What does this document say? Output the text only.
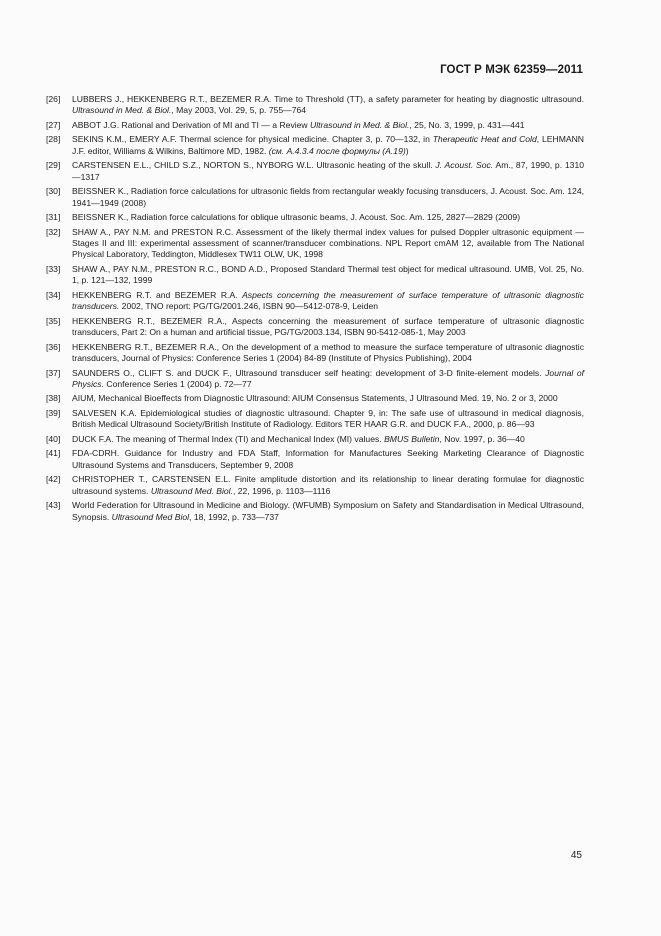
ГОСТ Р МЭК 62359—2011
[26]	LUBBERS J., HEKKENBERG R.T., BEZEMER R.A. Time to Threshold (TT), a safety parameter for heating by diagnostic ultrasound. Ultrasound in Med. & Biol., May 2003, Vol. 29, 5, p. 755—764
[27]	ABBOT J.G. Rational and Derivation of MI and TI — a Review Ultrasound in Med. & Biol., 25, No. 3, 1999, p. 431—441
[28]	SEKINS K.M., EMERY A.F. Thermal science for physical medicine. Chapter 3, p. 70—132, in Therapeutic Heat and Cold, LEHMANN J.F. editor, Williams & Wilkins, Baltimore MD, 1982. (см. A.4.3.4 после формулы (A.19))
[29]	CARSTENSEN E.L., CHILD S.Z., NORTON S., NYBORG W.L. Ultrasonic heating of the skull. J. Acoust. Soc. Am., 87, 1990, p. 1310—1317
[30]	BEISSNER K., Radiation force calculations for ultrasonic fields from rectangular weakly focusing transducers, J. Acoust. Soc. Am. 124, 1941—1949 (2008)
[31]	BEISSNER K., Radiation force calculations for oblique ultrasonic beams, J. Acoust. Soc. Am. 125, 2827—2829 (2009)
[32]	SHAW A., PAY N.M. and PRESTON R.C. Assessment of the likely thermal index values for pulsed Doppler ultrasonic equipment — Stages II and III: experimental assessment of scanner/transducer combinations. NPL Report cmAM 12, available from The National Physical Laboratory, Teddington, Middlesex TW11 OLW, UK, 1998
[33]	SHAW A., PAY N.M., PRESTON R.C., BOND A.D., Proposed Standard Thermal test object for medical ultrasound. UMB, Vol. 25, No. 1, p. 121—132, 1999
[34]	HEKKENBERG R.T. and BEZEMER R.A. Aspects concerning the measurement of surface temperature of ultrasonic diagnostic transducers. 2002, TNO report: PG/TG/2001.246, ISBN 90—5412-078-9, Leiden
[35]	HEKKENBERG R.T., BEZEMER R.A., Aspects concerning the measurement of surface temperature of ultrasonic diagnostic transducers, Part 2: On a human and artificial tissue, PG/TG/2003.134, ISBN 90-5412-085-1, May 2003
[36]	HEKKENBERG R.T., BEZEMER R.A., On the development of a method to measure the surface temperature of ultrasonic diagnostic transducers, Journal of Physics: Conference Series 1 (2004) 84-89 (Institute of Physics Publishing), 2004
[37]	SAUNDERS O., CLIFT S. and DUCK F., Ultrasound transducer self heating: development of 3-D finite-element models. Journal of Physics. Conference Series 1 (2004) p. 72—77
[38]	AIUM, Mechanical Bioeffects from Diagnostic Ultrasound: AIUM Consensus Statements, J Ultrasound Med. 19, No. 2 or 3, 2000
[39]	SALVESEN K.A. Epidemiological studies of diagnostic ultrasound. Chapter 9, in: The safe use of ultrasound in medical diagnosis, British Medical Ultrasound Society/British Institute of Radiology. Editors TER HAAR G.R. and DUCK F.A., 2000, p. 86—93
[40]	DUCK F.A. The meaning of Thermal Index (TI) and Mechanical Index (MI) values. BMUS Bulletin, Nov. 1997, p. 36—40
[41]	FDA-CDRH. Guidance for Industry and FDA Staff, Information for Manufactures Seeking Marketing Clearance of Diagnostic Ultrasound Systems and Transducers, September 9, 2008
[42]	CHRISTOPHER T., CARSTENSEN E.L. Finite amplitude distortion and its relationship to linear derating formulae for diagnostic ultrasound systems. Ultrasound Med. Biol., 22, 1996, p. 1103—1116
[43]	World Federation for Ultrasound in Medicine and Biology. (WFUMB) Symposium on Safety and Standardisation in Medical Ultrasound, Synopsis. Ultrasound Med Biol, 18, 1992, p. 733—737
45
